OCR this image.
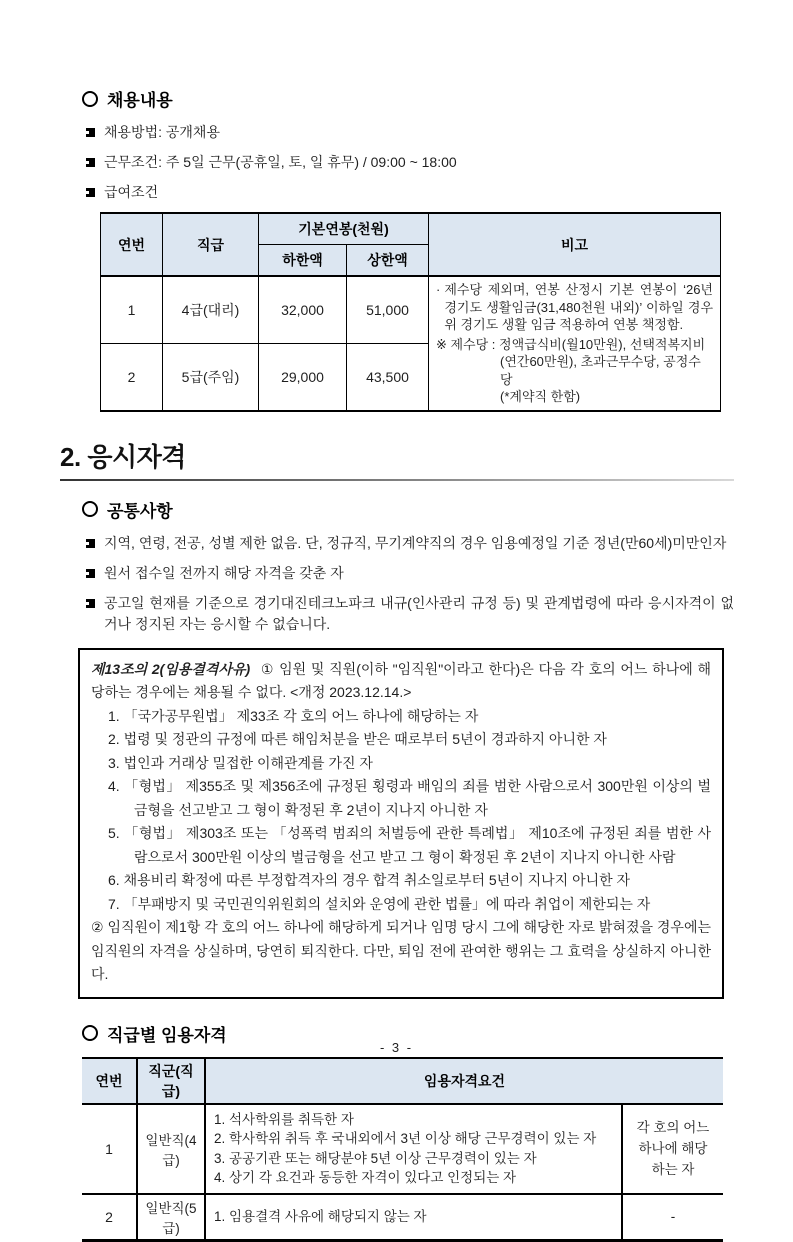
채용내용
채용방법: 공개채용
근무조건: 주 5일 근무(공휴일, 토, 일 휴무) / 09:00 ~ 18:00
급여조건
연번	직급	기본연봉(천원)		비고
		하한액	상한액	
1	4급(대리)	32,000	51,000	· 제수당 제외며, 연봉 산정시 기본 연봉이 ‘26년 경기도 생활임금(31,480천원 내외)’ 이하일 경우 위 경기도 생활 임금 적용하여 연봉 책정함.
※ 제수당 : 정액급식비(월10만원), 선택적복지비
(연간60만원), 초과근무수당, 공정수당
(*계약직 한함)

2	5급(주임)	29,000	43,500	
2. 응시자격
공통사항
지역, 연령, 전공, 성별 제한 없음. 단, 정규직, 무기계약직의 경우 임용예정일 기준 정년(만60세)미만인자
원서 접수일 전까지 해당 자격을 갖춘 자
공고일 현재를 기준으로 경기대진테크노파크 내규(인사관리 규정 등) 및 관계법령에 따라 응시자격이 없거나 정지된 자는 응시할 수 없습니다.

제13조의 2(임용결격사유) ① 임원 및 직원(이하 "임직원"이라고 한다)은 다음 각 호의 어느 하나에 해당하는 경우에는 채용될 수 없다. <개정 2023.12.14.>

1. 「국가공무원법」 제33조 각 호의 어느 하나에 해당하는 자

2. 법령 및 정관의 규정에 따른 해임처분을 받은 때로부터 5년이 경과하지 아니한 자

3. 법인과 거래상 밀접한 이해관계를 가진 자

4. 「형법」 제355조 및 제356조에 규정된 횡령과 배임의 죄를 범한 사람으로서 300만원 이상의 벌금형을 선고받고 그 형이 확정된 후 2년이 지나지 아니한 자

5. 「형법」 제303조 또는 「성폭력 범죄의 처벌등에 관한 특례법」 제10조에 규정된 죄를 범한 사람으로서 300만원 이상의 벌금형을 선고 받고 그 형이 확정된 후 2년이 지나지 아니한 사람

6. 채용비리 확정에 따른 부정합격자의 경우 합격 취소일로부터 5년이 지나지 아니한 자

7. 「부패방지 및 국민권익위원회의 설치와 운영에 관한 법률」에 따라 취업이 제한되는 자

② 임직원이 제1항 각 호의 어느 하나에 해당하게 되거나 임명 당시 그에 해당한 자로 밝혀졌을 경우에는 임직원의 자격을 상실하며, 당연히 퇴직한다. 다만, 퇴임 전에 관여한 행위는 그 효력을 상실하지 아니한다.

직급별 임용자격
연번	직군(직급)	임용자격요건	
1	일반직(4급)	1. 석사학위를 취득한 자
2. 학사학위 취득 후 국내외에서 3년 이상 해당 근무경력이 있는 자
3. 공공기관 또는 해당분야 5년 이상 근무경력이 있는 자
4. 상기 각 요건과 동등한 자격이 있다고 인정되는 자	각 호의 어느 하나에 해당 하는 자
2	일반직(5급)	1. 임용결격 사유에 해당되지 않는 자	-
- 3 -
